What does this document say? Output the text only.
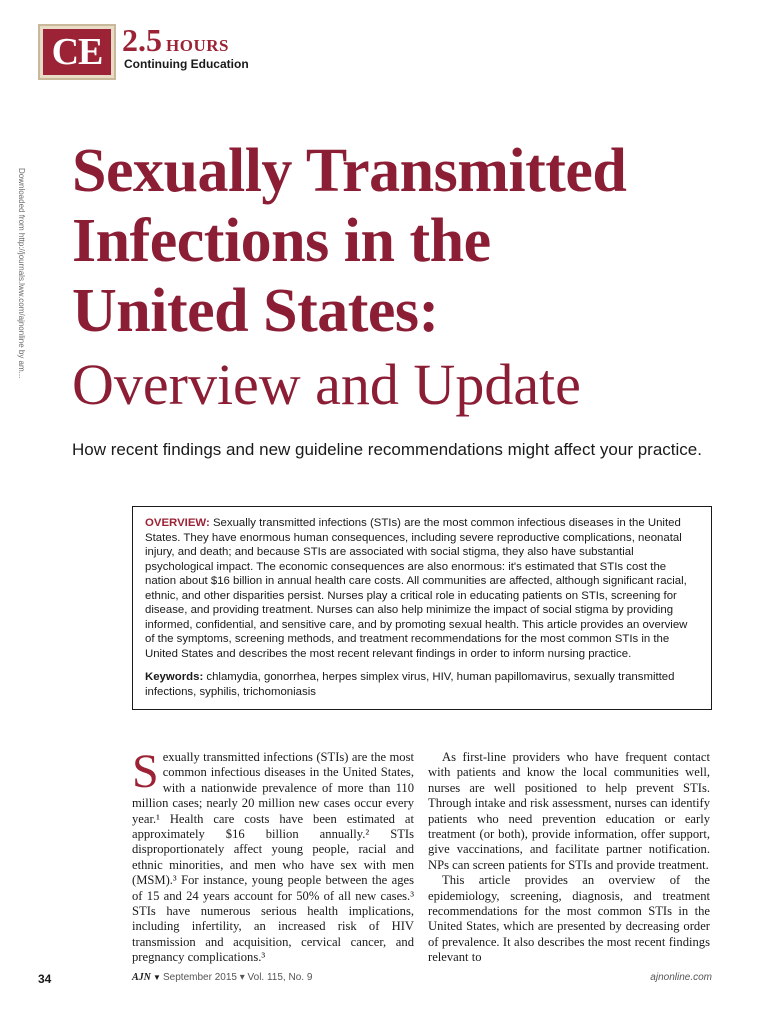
CE 2.5 HOURS
Continuing Education
Downloaded from http://journals.lww.com/ajnonline by am... Sexually Transmitted
Infections in the
United States:
Overview and Update

How recent findings and new guideline recommendations might affect your practice.

OVERVIEW: Sexually transmitted infections (STIs) are the most common infectious diseases in the United States. They have enormous human consequences, including severe reproductive complications, neonatal injury, and death; and because STIs are associated with social stigma, they also have substantial psychological impact. The economic consequences are also enormous: it's estimated that STIs cost the nation about $16 billion in annual health care costs. All communities are affected, although significant racial, ethnic, and other disparities persist. Nurses play a critical role in educating patients on STIs, screening for disease, and providing treatment. Nurses can also help minimize the impact of social stigma by providing informed, confidential, and sensitive care, and by promoting sexual health. This article provides an overview of the symptoms, screening methods, and treatment recommendations for the most common STIs in the United States and describes the most recent relevant findings in order to inform nursing practice.

Keywords: chlamydia, gonorrhea, herpes simplex virus, HIV, human papillomavirus, sexually transmitted infections, syphilis, trichomoniasis

Sexually transmitted infections (STIs) are the most common infectious diseases in the United States, with a nationwide prevalence of more than 110 million cases; nearly 20 million new cases occur every year.¹ Health care costs have been estimated at approximately $16 billion annually.² STIs disproportionately affect young people, racial and ethnic minorities, and men who have sex with men (MSM).³ For instance, young people between the ages of 15 and 24 years account for 50% of all new cases.³ STIs have numerous serious health implications, including infertility, an increased risk of HIV transmission and acquisition, cervical cancer, and pregnancy complications.³

As first-line providers who have frequent contact with patients and know the local communities well, nurses are well positioned to help prevent STIs. Through intake and risk assessment, nurses can identify patients who need prevention education or early treatment (or both), provide information, offer support, give vaccinations, and facilitate partner notification. NPs can screen patients for STIs and provide treatment.

This article provides an overview of the epidemiology, screening, diagnosis, and treatment recommendations for the most common STIs in the United States, which are presented by decreasing order of prevalence. It also describes the most recent findings relevant to

34	AJN ▼ September 2015 ▾ Vol. 115, No. 9	ajnonline.com
